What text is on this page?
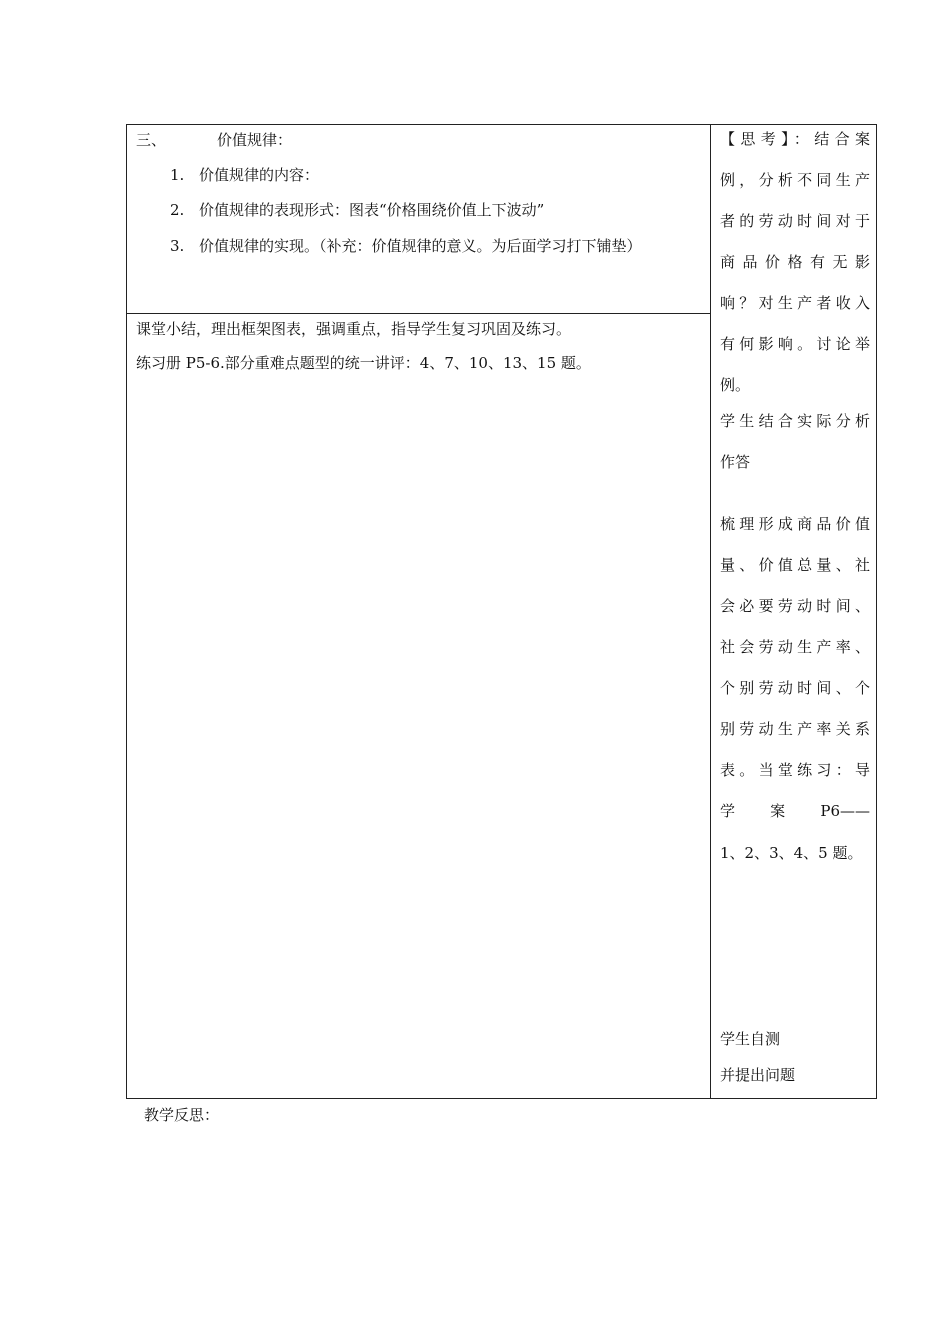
三、	价值规律：
1. 价值规律的内容：
2. 价值规律的表现形式：图表“价格围绕价值上下波动”
3. 价值规律的实现。（补充：价值规律的意义。为后面学习打下铺垫）
课堂小结，理出框架图表，强调重点，指导学生复习巩固及练习。
练习册 P5-6.部分重难点题型的统一讲评：4、7、10、13、15 题。
【思考】：结合案
例，分析不同生产
者的劳动时间对于
商品价格有无影
响？对生产者收入
有何影响。讨论举
例。
学生结合实际分析
作答
梳理形成商品价值
量、价值总量、社
会必要劳动时间、
社会劳动生产率、
个别劳动时间、个
别劳动生产率关系
表。当堂练习：导
学　　案　　P6——
1、2、3、4、5 题。
学生自测
并提出问题
教学反思：
